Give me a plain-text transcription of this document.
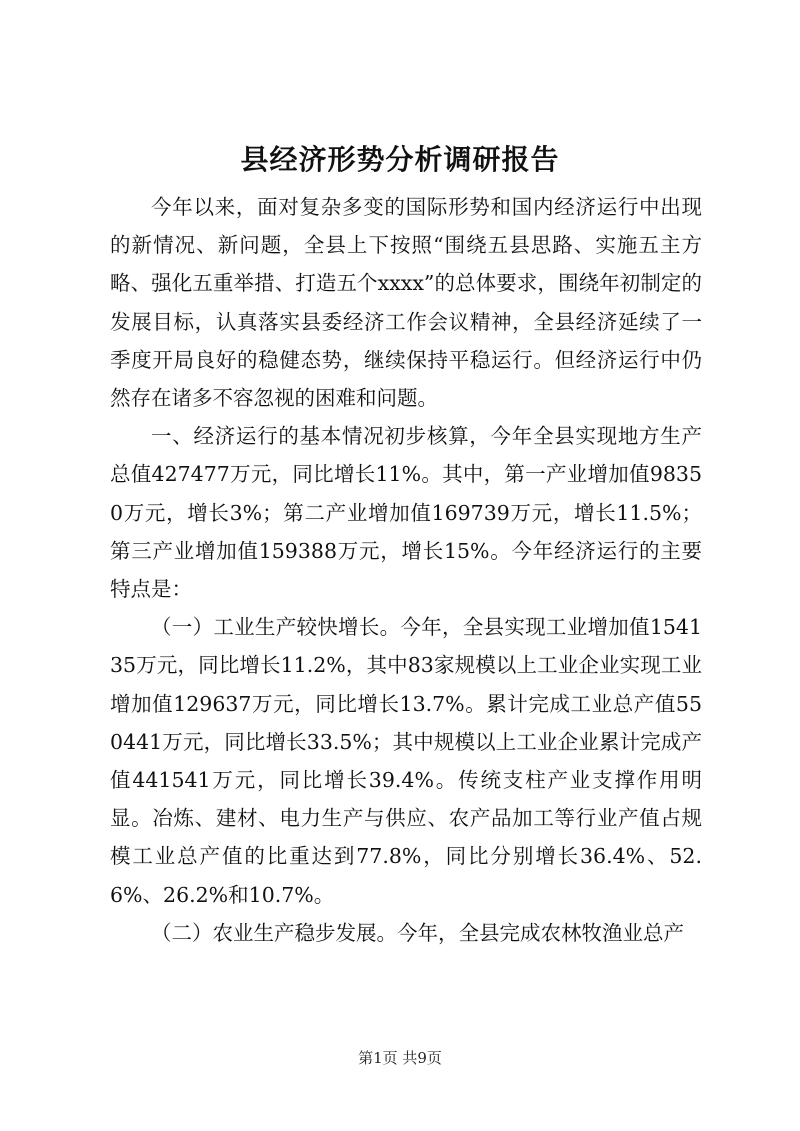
县经济形势分析调研报告

今年以来，面对复杂多变的国际形势和国内经济运行中出现的新情况、新问题，全县上下按照“围绕五县思路、实施五主方略、强化五重举措、打造五个xxxx”的总体要求，围绕年初制定的发展目标，认真落实县委经济工作会议精神，全县经济延续了一季度开局良好的稳健态势，继续保持平稳运行。但经济运行中仍然存在诸多不容忽视的困难和问题。

一、经济运行的基本情况初步核算，今年全县实现地方生产总值427477万元，同比增长11%。其中，第一产业增加值98350万元，增长3%；第二产业增加值169739万元，增长11.5%；第三产业增加值159388万元，增长15%。今年经济运行的主要特点是：

（一）工业生产较快增长。今年，全县实现工业增加值154135万元，同比增长11.2%，其中83家规模以上工业企业实现工业增加值129637万元，同比增长13.7%。累计完成工业总产值550441万元，同比增长33.5%；其中规模以上工业企业累计完成产值441541万元，同比增长39.4%。传统支柱产业支撑作用明显。冶炼、建材、电力生产与供应、农产品加工等行业产值占规模工业总产值的比重达到77.8%，同比分别增长36.4%、52.6%、26.2%和10.7%。

（二）农业生产稳步发展。今年，全县完成农林牧渔业总产

第1页 共9页
